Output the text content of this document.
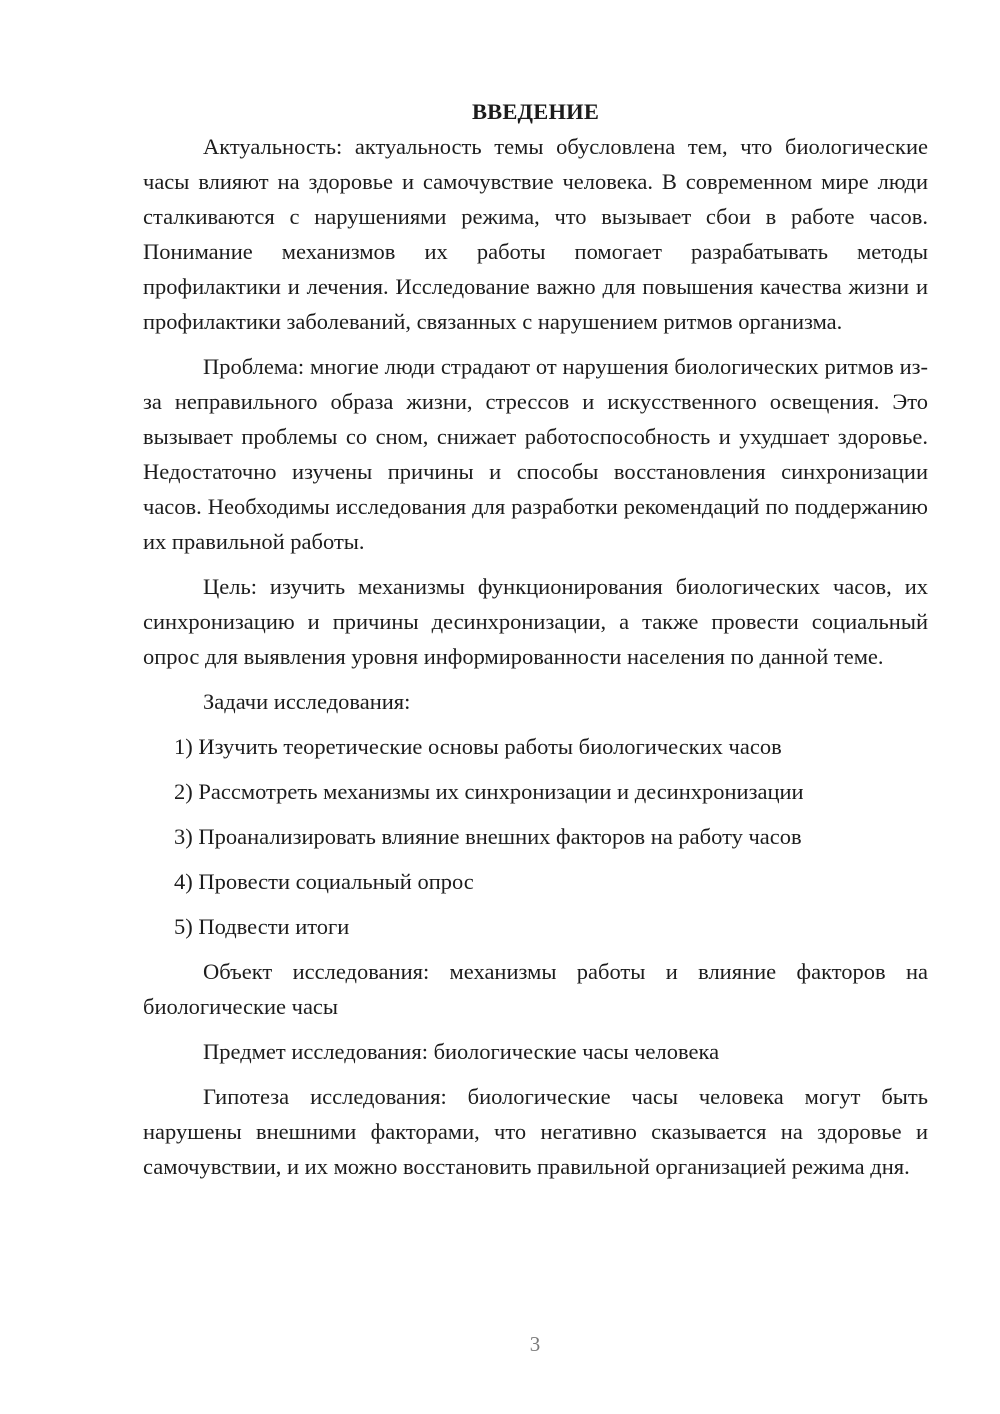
ВВЕДЕНИЕ

Актуальность: актуальность темы обусловлена тем, что биологические часы влияют на здоровье и самочувствие человека. В современном мире люди сталкиваются с нарушениями режима, что вызывает сбои в работе часов. Понимание механизмов их работы помогает разрабатывать методы профилактики и лечения. Исследование важно для повышения качества жизни и профилактики заболеваний, связанных с нарушением ритмов организма.

Проблема: многие люди страдают от нарушения биологических ритмов из-за неправильного образа жизни, стрессов и искусственного освещения. Это вызывает проблемы со сном, снижает работоспособность и ухудшает здоровье. Недостаточно изучены причины и способы восстановления синхронизации часов. Необходимы исследования для разработки рекомендаций по поддержанию их правильной работы.

Цель: изучить механизмы функционирования биологических часов, их синхронизацию и причины десинхронизации, а также провести социальный опрос для выявления уровня информированности населения по данной теме.

Задачи исследования:

1) Изучить теоретические основы работы биологических часов

2) Рассмотреть механизмы их синхронизации и десинхронизации

3) Проанализировать влияние внешних факторов на работу часов

4) Провести социальный опрос

5) Подвести итоги

Объект исследования: механизмы работы и влияние факторов на биологические часы

Предмет исследования: биологические часы человека

Гипотеза исследования: биологические часы человека могут быть нарушены внешними факторами, что негативно сказывается на здоровье и самочувствии, и их можно восстановить правильной организацией режима дня.

3
